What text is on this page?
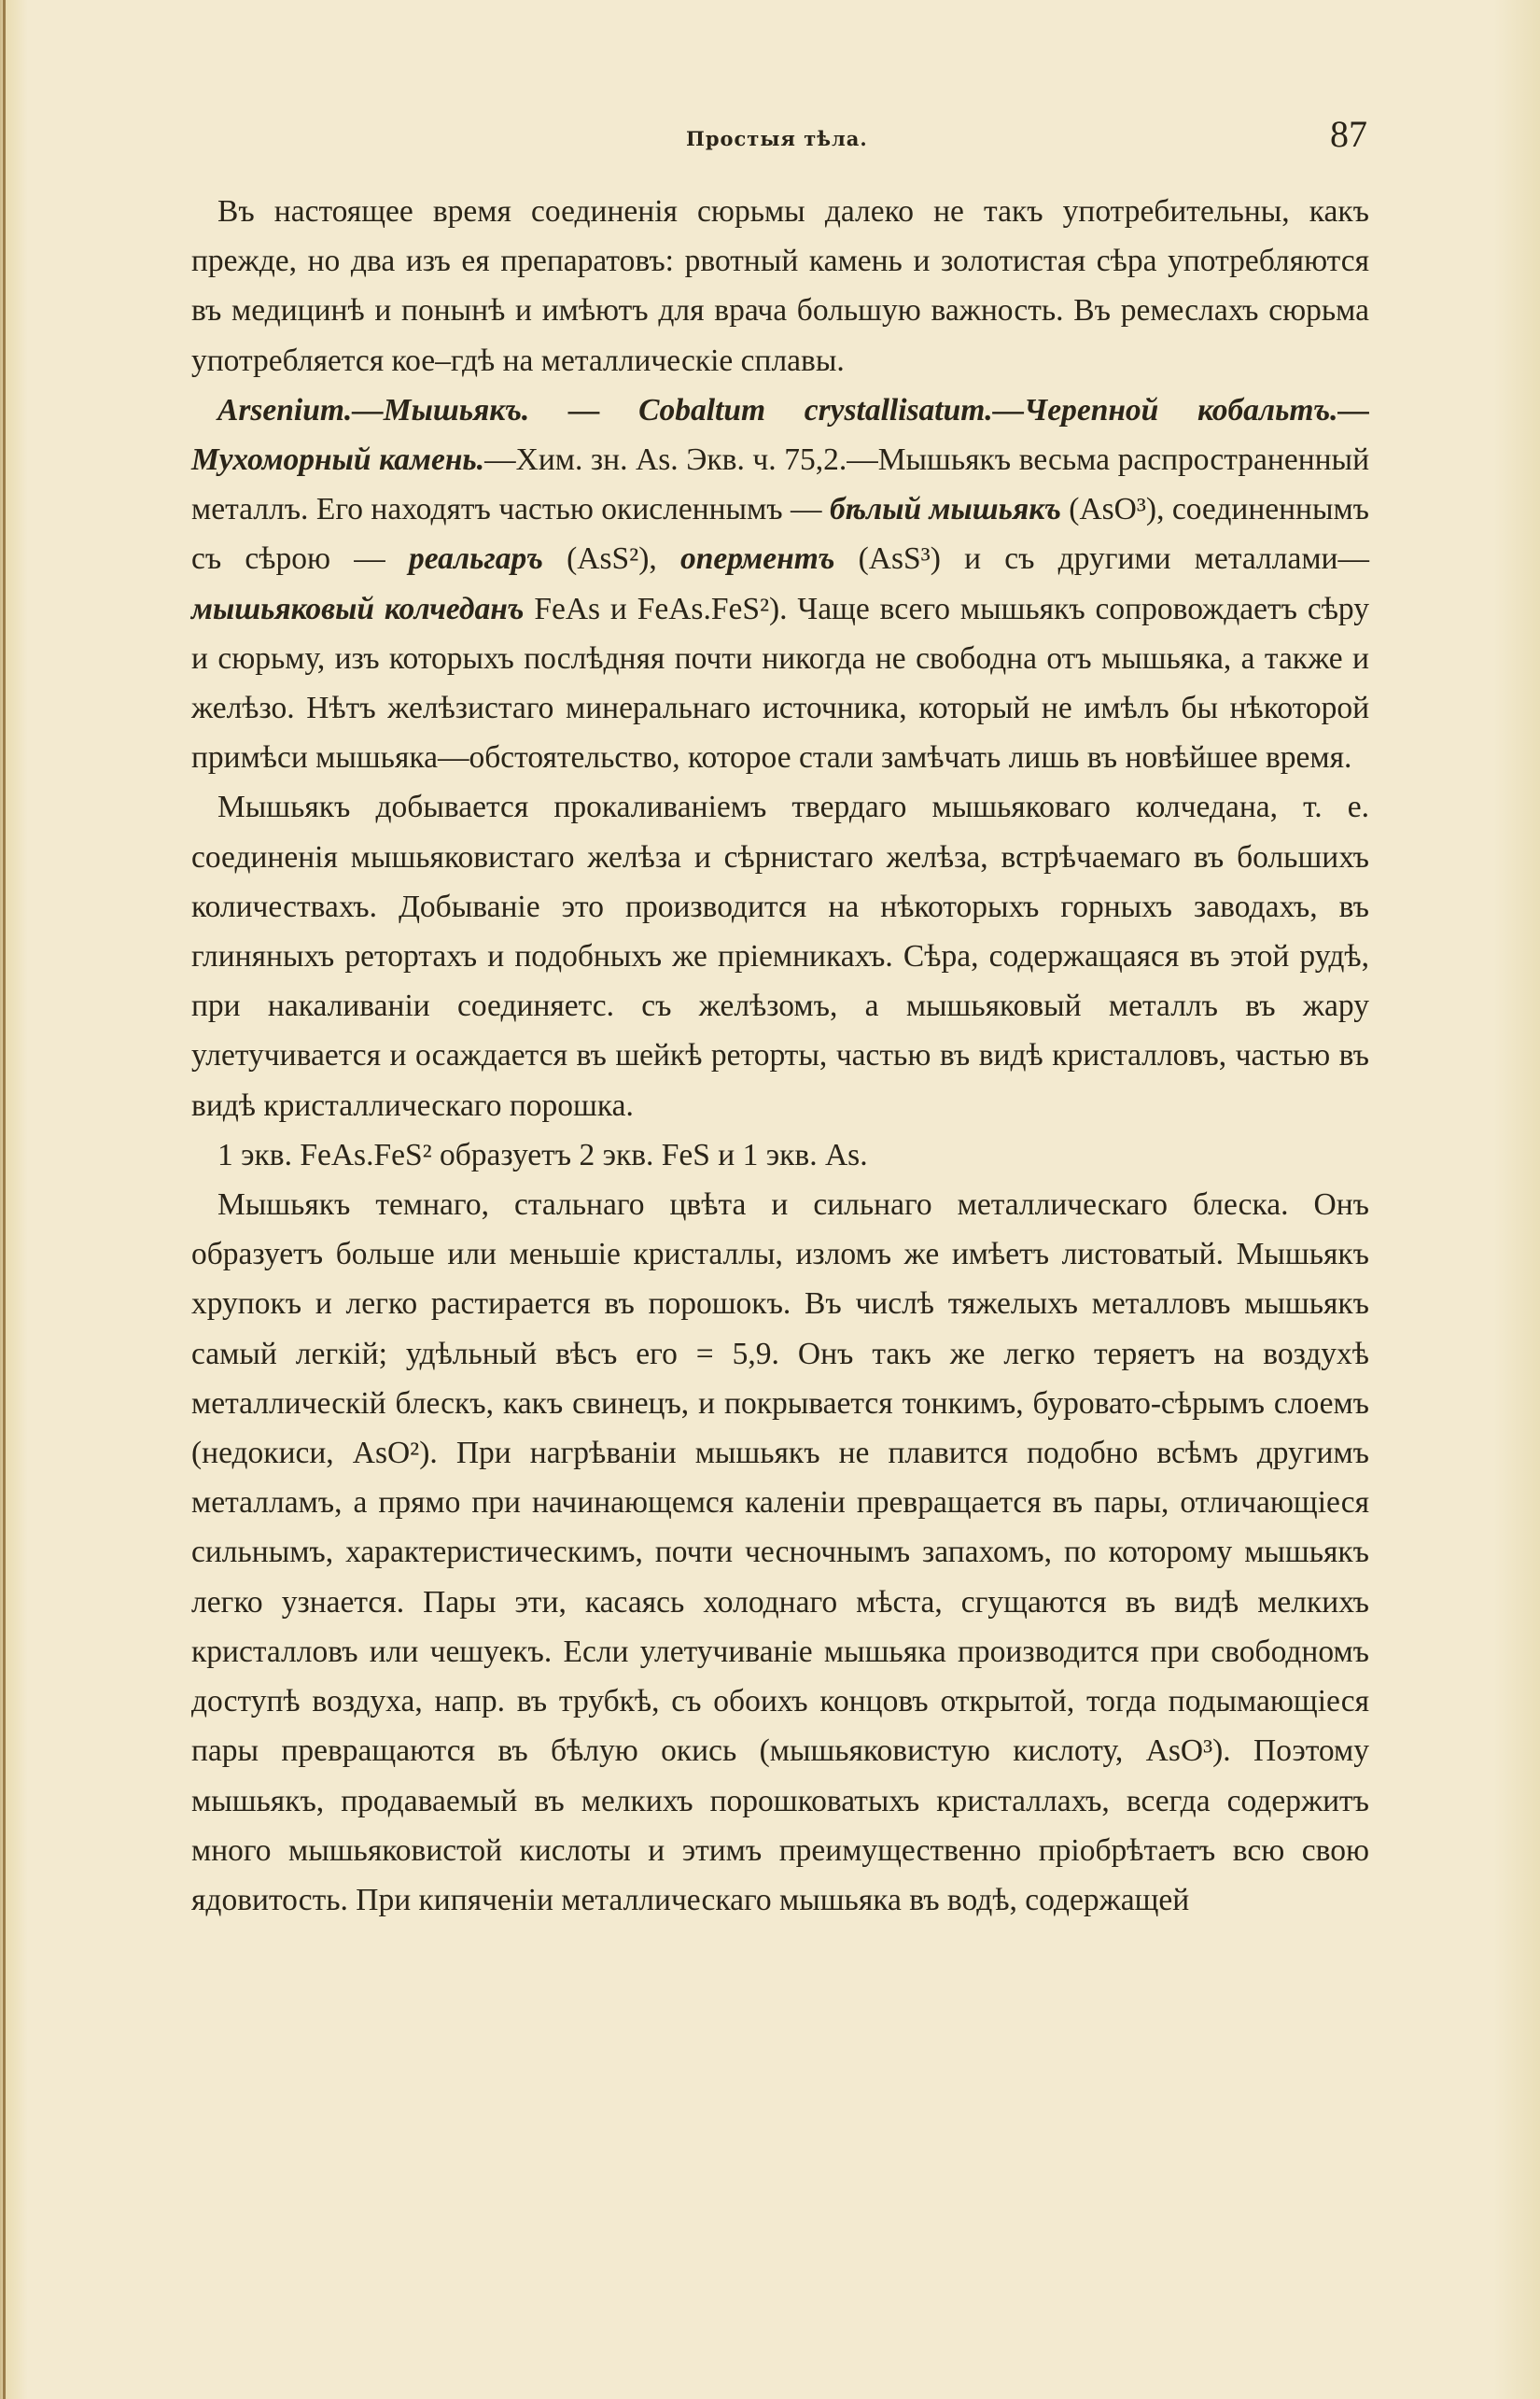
Простыя тѣла.	87

Въ настоящее время соединенія сюрьмы далеко не такъ употребительны, какъ прежде, но два изъ ея препаратовъ: рвотный камень и золотистая сѣра употребляются въ медицинѣ и понынѣ и имѣютъ для врача большую важность. Въ ремеслахъ сюрьма употребляется кое–гдѣ на металлическіе сплавы.

Arsenium.—Мышьякъ. — Cobaltum crystallisatum.—Черепной кобальтъ.—Мухоморный камень.—Хим. зн. As. Экв. ч. 75,2.—Мышьякъ весьма распространенный металлъ. Его находятъ частью окисленнымъ — бѣлый мышьякъ (AsO³), соединеннымъ съ сѣрою — реальгаръ (AsS²), оперментъ (AsS³) и съ другими металлами—мышьяковый колчеданъ FeAs и FeAs.FeS²). Чаще всего мышьякъ сопровождаетъ сѣру и сюрьму, изъ которыхъ послѣдняя почти никогда не свободна отъ мышьяка, а также и желѣзо. Нѣтъ желѣзистаго минеральнаго источника, который не имѣлъ бы нѣкоторой примѣси мышьяка—обстоятельство, которое стали замѣчать лишь въ новѣйшее время.

Мышьякъ добывается прокаливаніемъ твердаго мышьяковаго колчедана, т. е. соединенія мышьяковистаго желѣза и сѣрнистаго желѣза, встрѣчаемаго въ большихъ количествахъ. Добываніе это производится на нѣкоторыхъ горныхъ заводахъ, въ глиняныхъ ретортахъ и подобныхъ же пріемникахъ. Сѣра, содержащаяся въ этой рудѣ, при накаливаніи соединяетс. съ желѣзомъ, а мышьяковый металлъ въ жару улетучивается и осаждается въ шейкѣ реторты, частью въ видѣ кристалловъ, частью въ видѣ кристаллическаго порошка.

1 экв. FeAs.FeS² образуетъ 2 экв. FeS и 1 экв. As.

Мышьякъ темнаго, стальнаго цвѣта и сильнаго металлическаго блеска. Онъ образуетъ больше или меньшіе кристаллы, изломъ же имѣетъ листоватый. Мышьякъ хрупокъ и легко растирается въ порошокъ. Въ числѣ тяжелыхъ металловъ мышьякъ самый легкій; удѣльный вѣсъ его = 5,9. Онъ такъ же легко теряетъ на воздухѣ металлическій блескъ, какъ свинецъ, и покрывается тонкимъ, буровато-сѣрымъ слоемъ (недокиси, AsO²). При нагрѣваніи мышьякъ не плавится подобно всѣмъ другимъ металламъ, а прямо при начинающемся каленіи превращается въ пары, отличающіеся сильнымъ, характеристическимъ, почти чесночнымъ запахомъ, по которому мышьякъ легко узнается. Пары эти, касаясь холоднаго мѣста, сгущаются въ видѣ мелкихъ кристалловъ или чешуекъ. Если улетучиваніе мышьяка производится при свободномъ доступѣ воздуха, напр. въ трубкѣ, съ обоихъ концовъ открытой, тогда подымающіеся пары превращаются въ бѣлую окись (мышьяковистую кислоту, AsO³). Поэтому мышьякъ, продаваемый въ мелкихъ порошковатыхъ кристаллахъ, всегда содержитъ много мышьяковистой кислоты и этимъ преимущественно пріобрѣтаетъ всю свою ядовитость. При кипяченіи металлическаго мышьяка въ водѣ, содержащей
